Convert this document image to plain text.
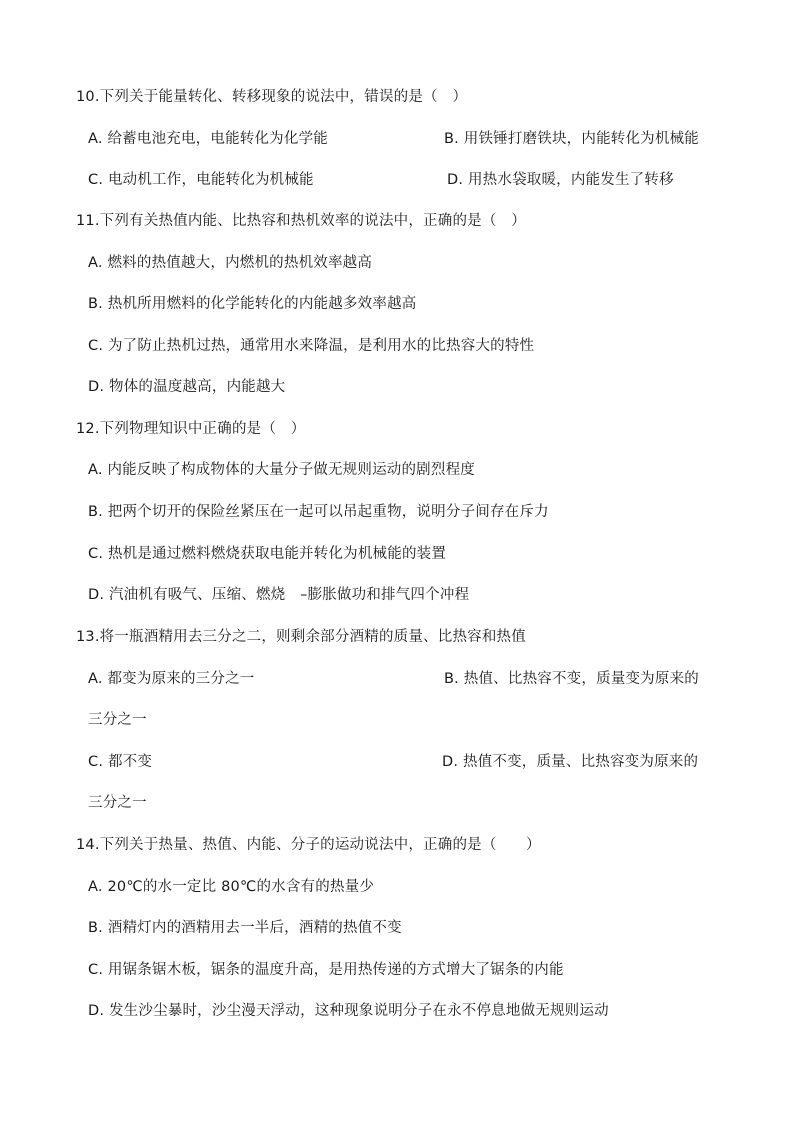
10.下列关于能量转化、转移现象的说法中，错误的是（　）
A. 给蓄电池充电，电能转化为化学能	B. 用铁锤打磨铁块，内能转化为机械能
C. 电动机工作，电能转化为机械能	D. 用热水袋取暖，内能发生了转移
11.下列有关热值内能、比热容和热机效率的说法中，正确的是（　）
A. 燃料的热值越大，内燃机的热机效率越高
B. 热机所用燃料的化学能转化的内能越多效率越高
C. 为了防止热机过热，通常用水来降温，是利用水的比热容大的特性
D. 物体的温度越高，内能越大
12.下列物理知识中正确的是（　）
A. 内能反映了构成物体的大量分子做无规则运动的剧烈程度
B. 把两个切开的保险丝紧压在一起可以吊起重物，说明分子间存在斥力
C. 热机是通过燃料燃烧获取电能并转化为机械能的装置
D. 汽油机有吸气、压缩、燃烧　–膨胀做功和排气四个冲程
13.将一瓶酒精用去三分之二，则剩余部分酒精的质量、比热容和热值
A. 都变为原来的三分之一	B. 热值、比热容不变，质量变为原来的
三分之一
C. 都不变	D. 热值不变，质量、比热容变为原来的
三分之一
14.下列关于热量、热值、内能、分子的运动说法中，正确的是（　　）
A. 20℃的水一定比 80℃的水含有的热量少
B. 酒精灯内的酒精用去一半后，酒精的热值不变
C. 用锯条锯木板，锯条的温度升高，是用热传递的方式增大了锯条的内能
D. 发生沙尘暴时，沙尘漫天浮动，这种现象说明分子在永不停息地做无规则运动
